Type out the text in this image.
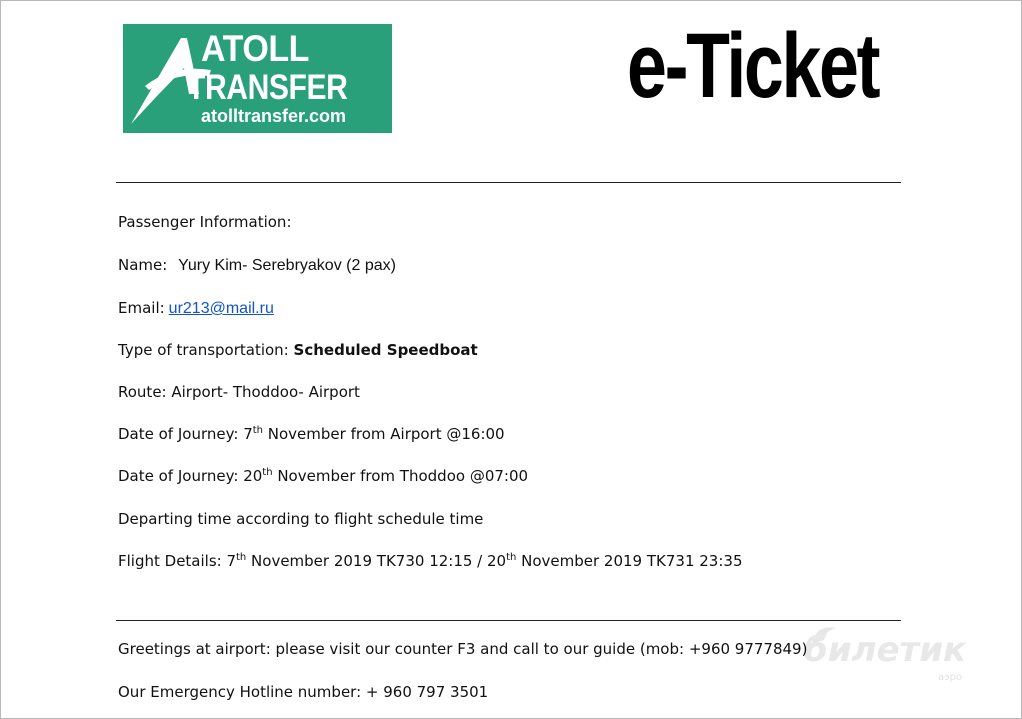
ATOLL
TRANSFER
atolltransfer.com	e-Ticket
Passenger Information:
Name: Yury Kim- Serebryakov (2 pax)
Email: ur213@mail.ru
Type of transportation: Scheduled Speedboat
Route: Airport- Thoddoo- Airport
Date of Journey: 7th November from Airport @16:00
Date of Journey: 20th November from Thoddoo @07:00
Departing time according to flight schedule time
Flight Details: 7th November 2019 TK730 12:15 / 20th November 2019 TK731 23:35
билетик
аэро
Greetings at airport: please visit our counter F3 and call to our guide (mob: +960 9777849)
Our Emergency Hotline number: + 960 797 3501
